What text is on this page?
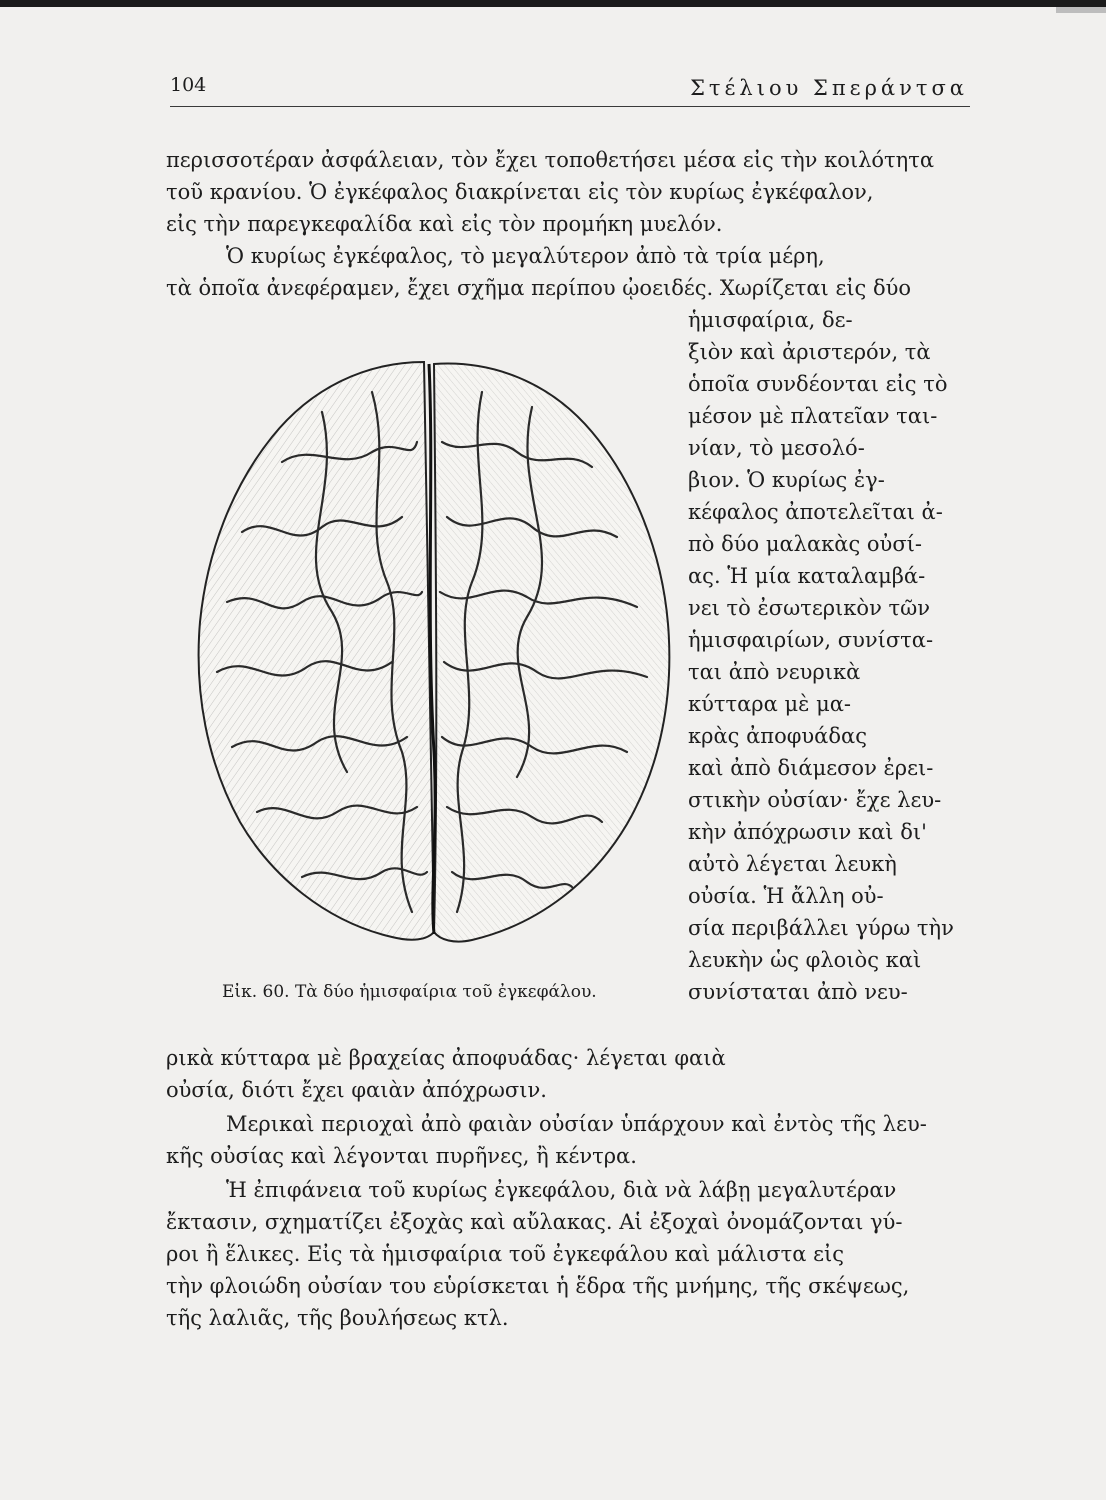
104	Στέλιου Σπεράντσα
περισσοτέραν ἀσφάλειαν, τὸν ἔχει τοποθετήσει μέσα εἰς τὴν κοιλότητα
τοῦ κρανίου. Ὁ ἐγκέφαλος διακρίνεται εἰς τὸν κυρίως ἐγκέφαλον,
εἰς τὴν παρεγκεφαλίδα καὶ εἰς τὸν προμήκη μυελόν.
Ὁ κυρίως ἐγκέφαλος, τὸ μεγαλύτερον ἀπὸ τὰ τρία μέρη,
τὰ ὁποῖα ἀνεφέραμεν, ἔχει σχῆμα περίπου ᾠοειδές. Χωρίζεται εἰς δύο
Εἰκ. 60. Τὰ δύο ἡμισφαίρια τοῦ ἐγκεφάλου.
ἡμισφαίρια, δε-
ξιὸν καὶ ἀριστερόν, τὰ
ὁποῖα συνδέονται εἰς τὸ
μέσον μὲ πλατεῖαν ται-
νίαν, τὸ μεσολό-
βιον. Ὁ κυρίως ἐγ-
κέφαλος ἀποτελεῖται ἀ-
πὸ δύο μαλακὰς οὐσί-
ας. Ἡ μία καταλαμβά-
νει τὸ ἐσωτερικὸν τῶν
ἡμισφαιρίων, συνίστα-
ται ἀπὸ νευρικὰ
κύτταρα μὲ μα-
κρὰς ἀποφυάδας
καὶ ἀπὸ διάμεσον ἐρει-
στικὴν οὐσίαν· ἔχε λευ-
κὴν ἀπόχρωσιν καὶ δι'
αὐτὸ λέγεται λευκὴ
οὐσία. Ἡ ἄλλη οὐ-
σία περιβάλλει γύρω τὴν
λευκὴν ὡς φλοιὸς καὶ
συνίσταται ἀπὸ νευ-
ρικὰ κύτταρα μὲ βραχείας ἀποφυάδας· λέγεται φαιὰ
οὐσία, διότι ἔχει φαιὰν ἀπόχρωσιν.
Μερικαὶ περιοχαὶ ἀπὸ φαιὰν οὐσίαν ὑπάρχουν καὶ ἐντὸς τῆς λευ-
κῆς οὐσίας καὶ λέγονται πυρῆνες, ἢ κέντρα.
Ἡ ἐπιφάνεια τοῦ κυρίως ἐγκεφάλου, διὰ νὰ λάβῃ μεγαλυτέραν
ἔκτασιν, σχηματίζει ἐξοχὰς καὶ αὔλακας. Αἱ ἐξοχαὶ ὀνομάζονται γύ-
ροι ἢ ἕλικες. Εἰς τὰ ἡμισφαίρια τοῦ ἐγκεφάλου καὶ μάλιστα εἰς
τὴν φλοιώδη οὐσίαν του εὑρίσκεται ἡ ἕδρα τῆς μνήμης, τῆς σκέψεως,
τῆς λαλιᾶς, τῆς βουλήσεως κτλ.
